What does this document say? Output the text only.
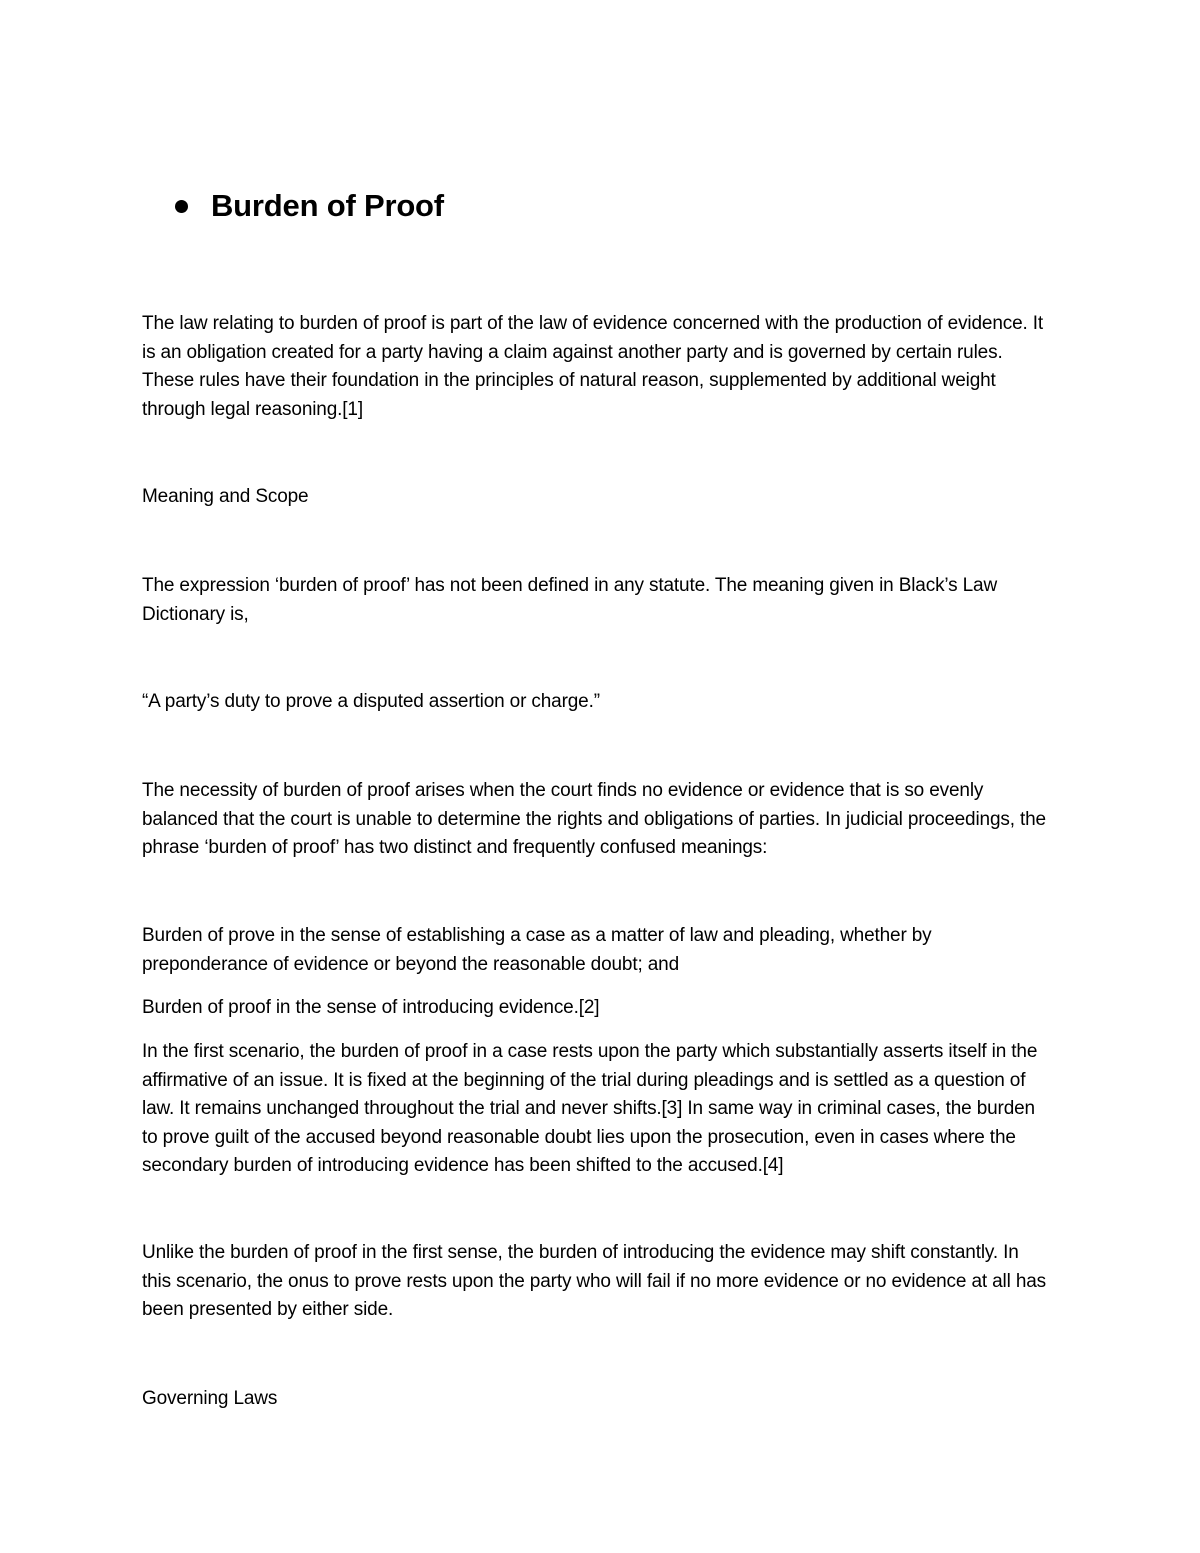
Burden of Proof

The law relating to burden of proof is part of the law of evidence concerned with the production of evidence. It is an obligation created for a party having a claim against another party and is governed by certain rules. These rules have their foundation in the principles of natural reason, supplemented by additional weight through legal reasoning.[1]

Meaning and Scope

The expression ‘burden of proof’ has not been defined in any statute. The meaning given in Black’s Law Dictionary is,

“A party’s duty to prove a disputed assertion or charge.”

The necessity of burden of proof arises when the court finds no evidence or evidence that is so evenly balanced that the court is unable to determine the rights and obligations of parties. In judicial proceedings, the phrase ‘burden of proof’ has two distinct and frequently confused meanings:

Burden of prove in the sense of establishing a case as a matter of law and pleading, whether by preponderance of evidence or beyond the reasonable doubt; and

Burden of proof in the sense of introducing evidence.[2]

In the first scenario, the burden of proof in a case rests upon the party which substantially asserts itself in the affirmative of an issue. It is fixed at the beginning of the trial during pleadings and is settled as a question of law. It remains unchanged throughout the trial and never shifts.[3] In same way in criminal cases, the burden to prove guilt of the accused beyond reasonable doubt lies upon the prosecution, even in cases where the secondary burden of introducing evidence has been shifted to the accused.[4]

Unlike the burden of proof in the first sense, the burden of introducing the evidence may shift constantly. In this scenario, the onus to prove rests upon the party who will fail if no more evidence or no evidence at all has been presented by either side.

Governing Laws
